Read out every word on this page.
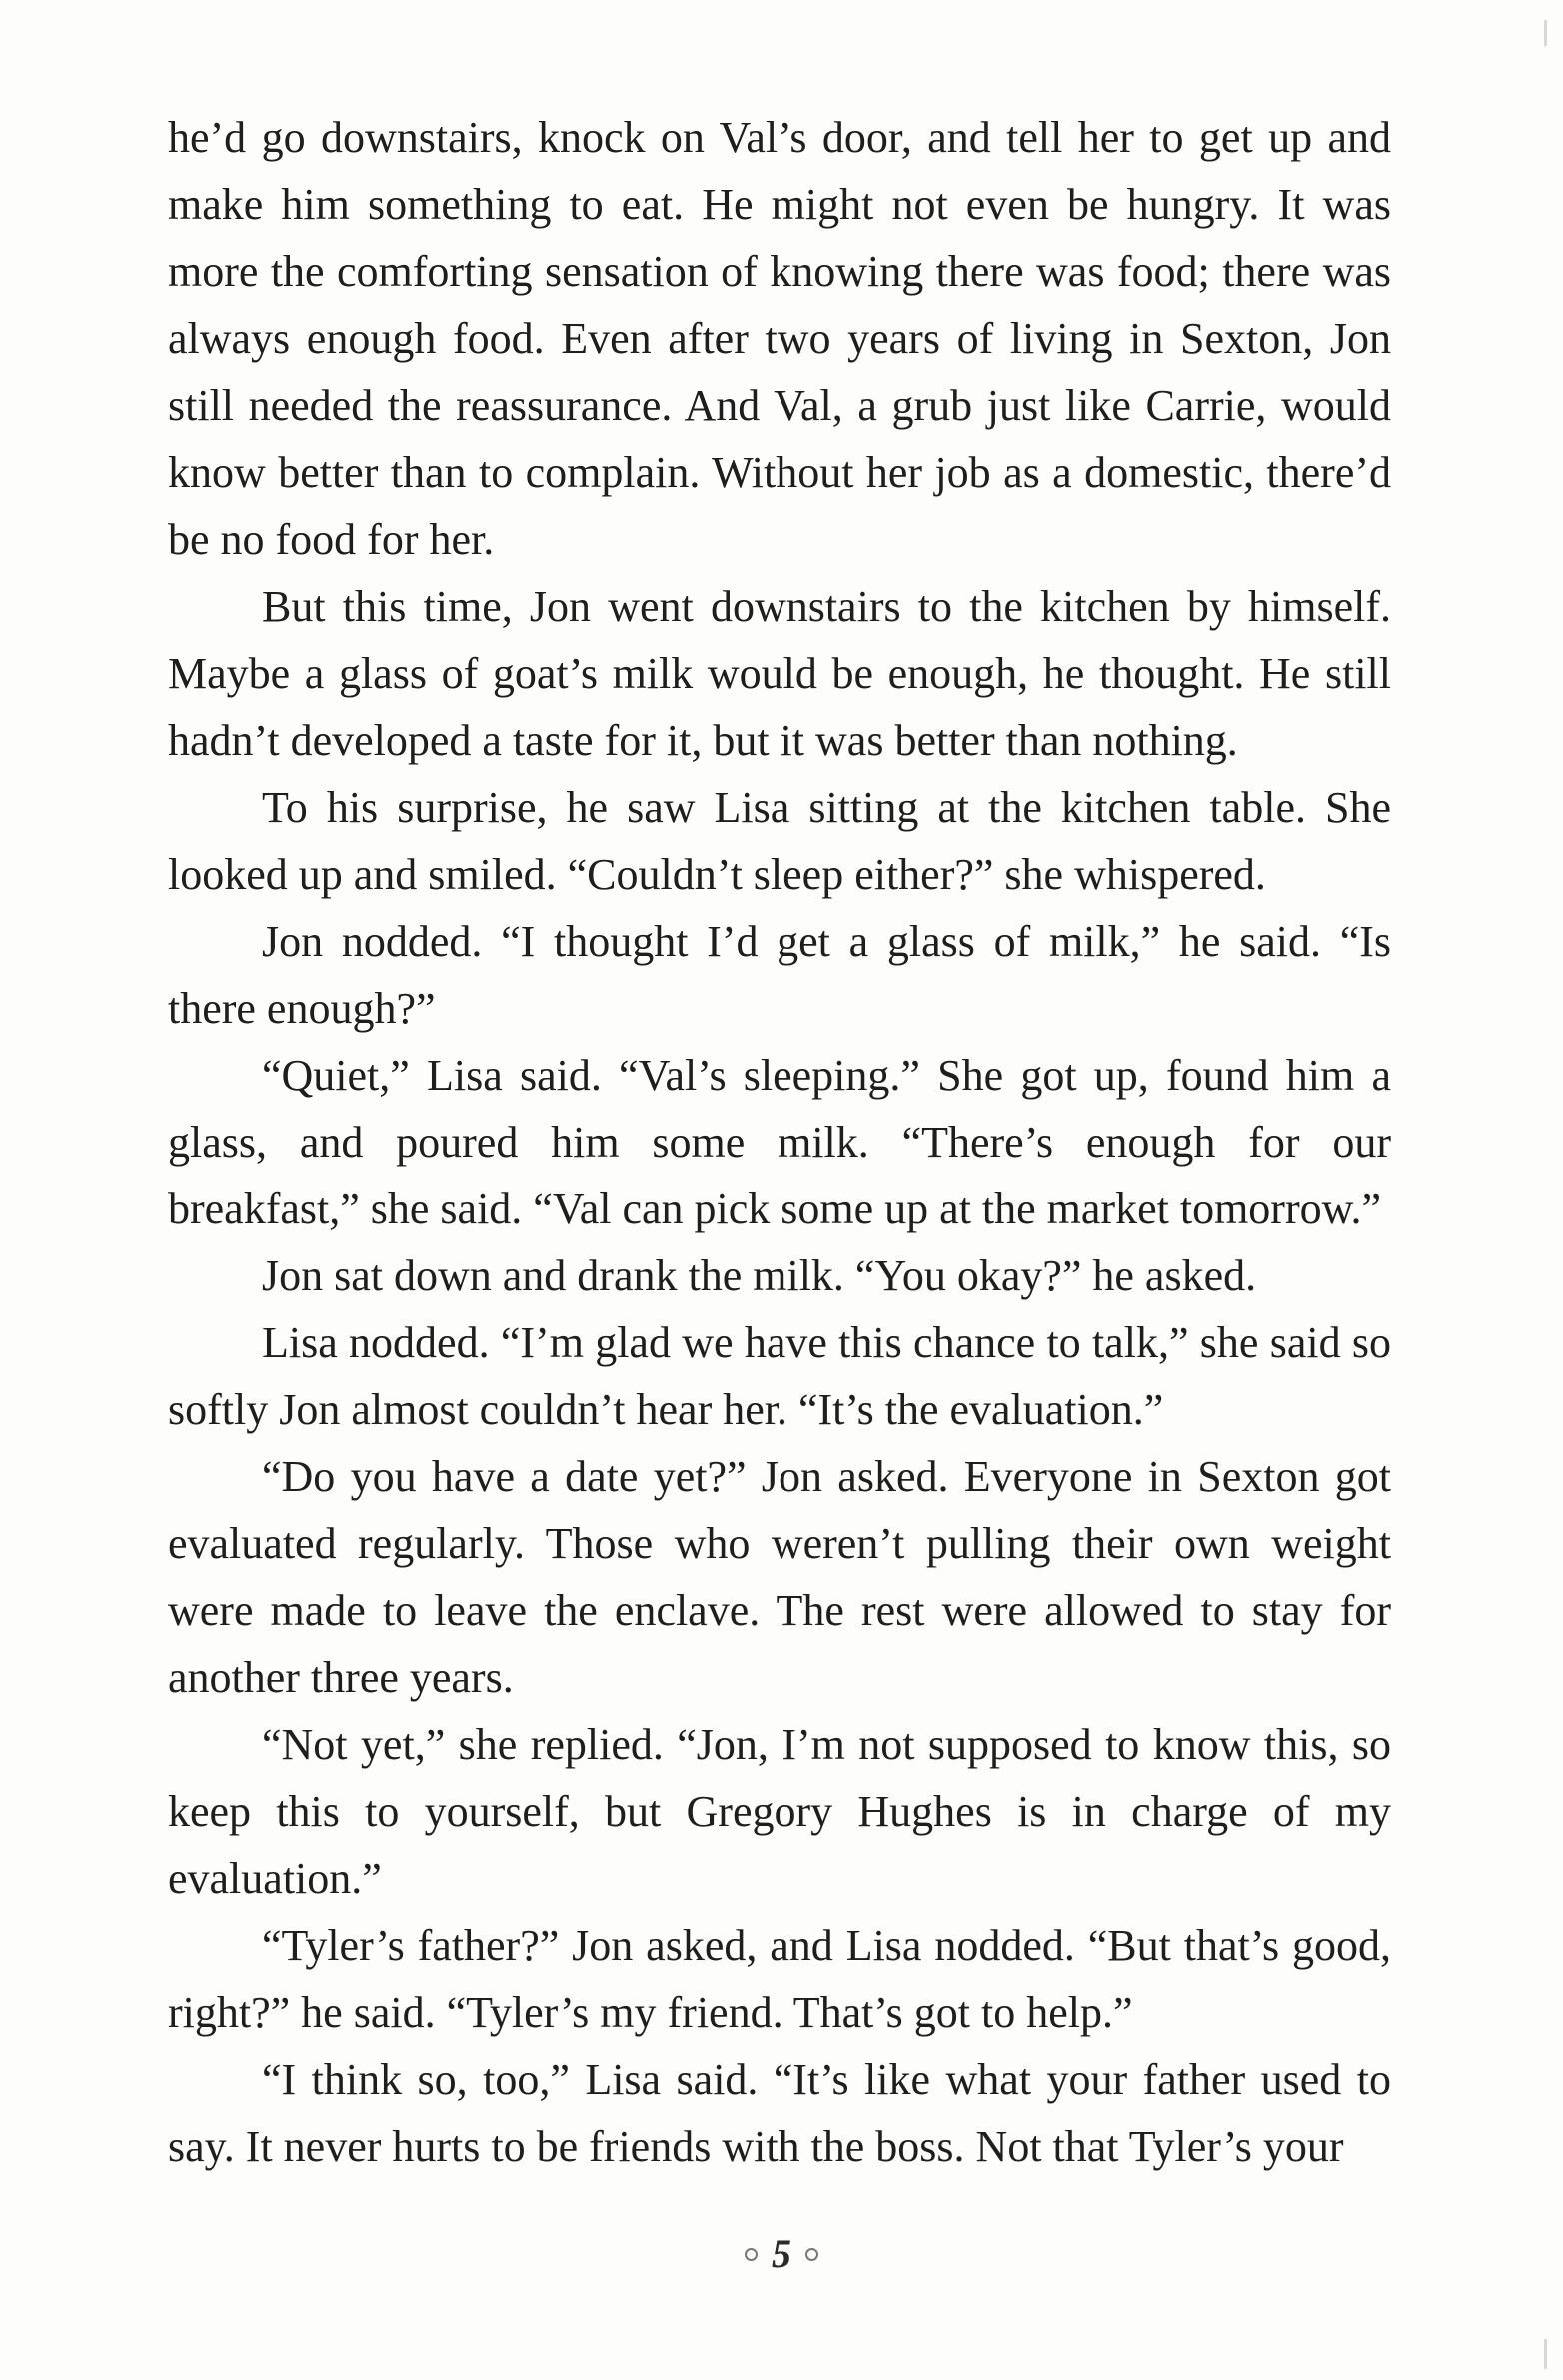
he’d go downstairs, knock on Val’s door, and tell her to get up and make him something to eat. He might not even be hungry. It was more the comforting sensation of knowing there was food; there was always enough food. Even after two years of living in Sexton, Jon still needed the reassurance. And Val, a grub just like Carrie, would know better than to complain. Without her job as a domestic, there’d be no food for her.

But this time, Jon went downstairs to the kitchen by himself. Maybe a glass of goat’s milk would be enough, he thought. He still hadn’t developed a taste for it, but it was better than nothing.

To his surprise, he saw Lisa sitting at the kitchen table. She looked up and smiled. “Couldn’t sleep either?” she whispered.

Jon nodded. “I thought I’d get a glass of milk,” he said. “Is there enough?”

“Quiet,” Lisa said. “Val’s sleeping.” She got up, found him a glass, and poured him some milk. “There’s enough for our breakfast,” she said. “Val can pick some up at the market tomorrow.”

Jon sat down and drank the milk. “You okay?” he asked.

Lisa nodded. “I’m glad we have this chance to talk,” she said so softly Jon almost couldn’t hear her. “It’s the evaluation.”

“Do you have a date yet?” Jon asked. Everyone in Sexton got evaluated regularly. Those who weren’t pulling their own weight were made to leave the enclave. The rest were allowed to stay for another three years.

“Not yet,” she replied. “Jon, I’m not supposed to know this, so keep this to yourself, but Gregory Hughes is in charge of my evaluation.”

“Tyler’s father?” Jon asked, and Lisa nodded. “But that’s good, right?” he said. “Tyler’s my friend. That’s got to help.”

“I think so, too,” Lisa said. “It’s like what your father used to say. It never hurts to be friends with the boss. Not that Tyler’s your

5
